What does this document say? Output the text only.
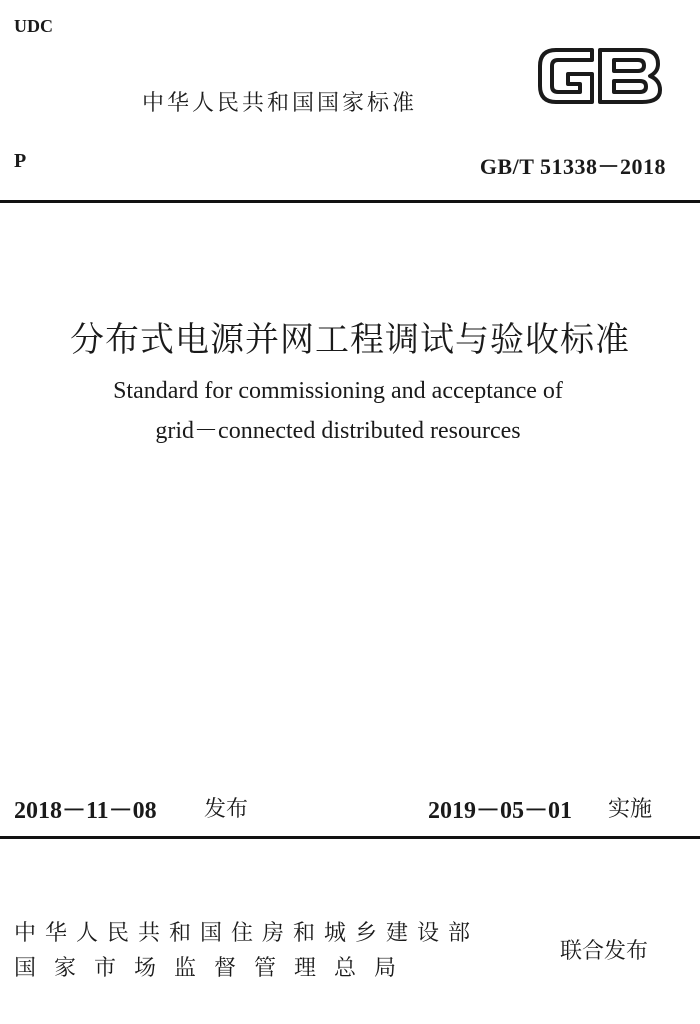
UDC
中华人民共和国国家标准
P	GB/T 51338－2018
分布式电源并网工程调试与验收标准
Standard for commissioning and acceptance of
grid－connected distributed resources
2018－11－08 发布	2019－05－01 实施
中华人民共和国住房和城乡建设部
国家市场监督管理总局
联合发布
